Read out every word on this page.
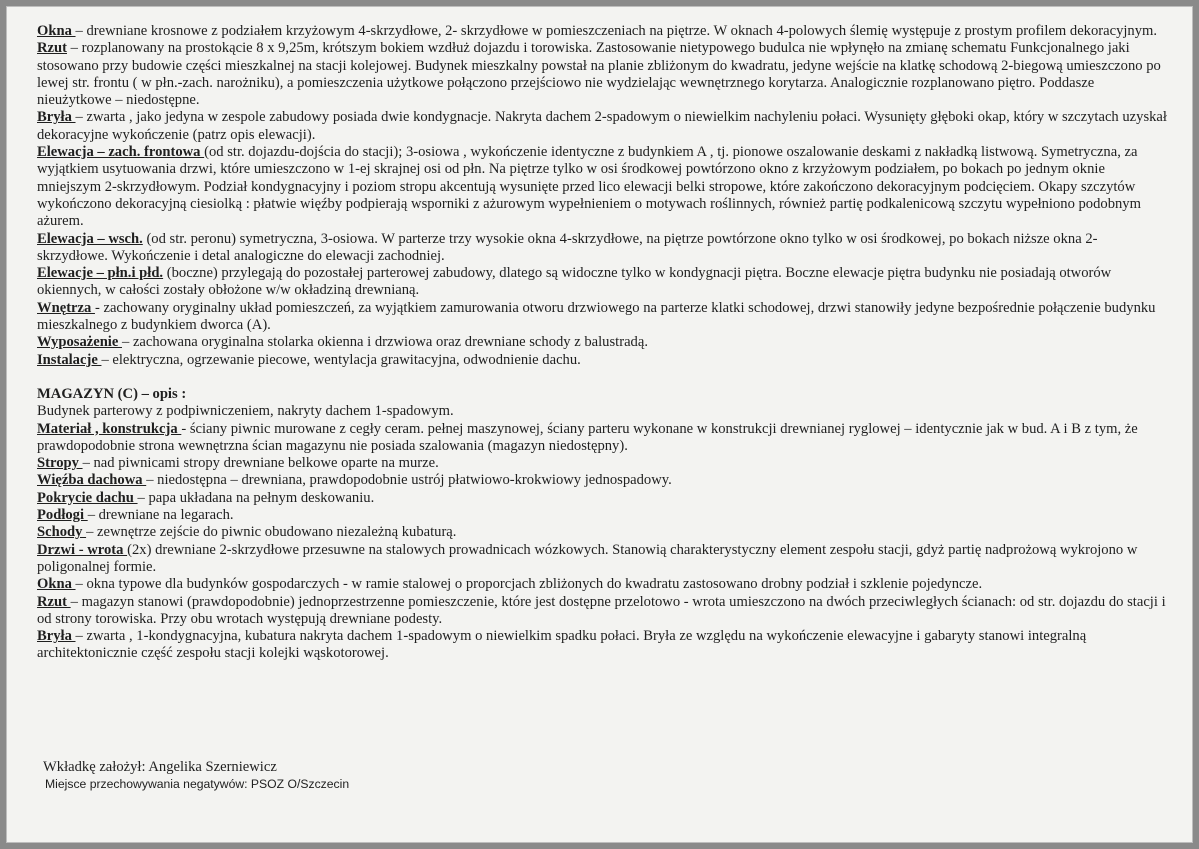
Okna – drewniane krosnowe z podziałem krzyżowym 4-skrzydłowe, 2- skrzydłowe w pomieszczeniach na piętrze. W oknach 4-polowych ślemię występuje z prostym profilem dekoracyjnym.

Rzut – rozplanowany na prostokącie 8 x 9,25m, krótszym bokiem wzdłuż dojazdu i torowiska. Zastosowanie nietypowego budulca nie wpłynęło na zmianę schematu Funkcjonalnego jaki stosowano przy budowie części mieszkalnej na stacji kolejowej. Budynek mieszkalny powstał na planie zbliżonym do kwadratu, jedyne wejście na klatkę schodową 2-biegową umieszczono po lewej str. frontu ( w płn.-zach. narożniku), a pomieszczenia użytkowe połączono przejściowo nie wydzielając wewnętrznego korytarza. Analogicznie rozplanowano piętro. Poddasze nieużytkowe – niedostępne.

Bryła – zwarta , jako jedyna w zespole zabudowy posiada dwie kondygnacje. Nakryta dachem 2-spadowym o niewielkim nachyleniu połaci. Wysunięty głęboki okap, który w szczytach uzyskał dekoracyjne wykończenie (patrz opis elewacji).

Elewacja – zach. frontowa (od str. dojazdu-dojścia do stacji); 3-osiowa , wykończenie identyczne z budynkiem A , tj. pionowe oszalowanie deskami z nakładką listwową. Symetryczna, za wyjątkiem usytuowania drzwi, które umieszczono w 1-ej skrajnej osi od płn. Na piętrze tylko w osi środkowej powtórzono okno z krzyżowym podziałem, po bokach po jednym oknie mniejszym 2-skrzydłowym. Podział kondygnacyjny i poziom stropu akcentują wysunięte przed lico elewacji belki stropowe, które zakończono dekoracyjnym podcięciem. Okapy szczytów wykończono dekoracyjną ciesiolką : płatwie więźby podpierają wsporniki z ażurowym wypełnieniem o motywach roślinnych, również partię podkalenicową szczytu wypełniono podobnym ażurem.

Elewacja – wsch. (od str. peronu) symetryczna, 3-osiowa. W parterze trzy wysokie okna 4-skrzydłowe, na piętrze powtórzone okno tylko w osi środkowej, po bokach niższe okna 2-skrzydłowe. Wykończenie i detal analogiczne do elewacji zachodniej.

Elewacje – płn.i płd. (boczne) przylegają do pozostałej parterowej zabudowy, dlatego są widoczne tylko w kondygnacji piętra. Boczne elewacje piętra budynku nie posiadają otworów okiennych, w całości zostały obłożone w/w okładziną drewnianą.

Wnętrza - zachowany oryginalny układ pomieszczeń, za wyjątkiem zamurowania otworu drzwiowego na parterze klatki schodowej, drzwi stanowiły jedyne bezpośrednie połączenie budynku mieszkalnego z budynkiem dworca (A).

Wyposażenie – zachowana oryginalna stolarka okienna i drzwiowa oraz drewniane schody z balustradą.

Instalacje – elektryczna, ogrzewanie piecowe, wentylacja grawitacyjna, odwodnienie dachu.

MAGAZYN (C) – opis :

Budynek parterowy z podpiwniczeniem, nakryty dachem 1-spadowym.

Materiał , konstrukcja - ściany piwnic murowane z cegły ceram. pełnej maszynowej, ściany parteru wykonane w konstrukcji drewnianej ryglowej – identycznie jak w bud. A i B z tym, że prawdopodobnie strona wewnętrzna ścian magazynu nie posiada szalowania (magazyn niedostępny).

Stropy – nad piwnicami stropy drewniane belkowe oparte na murze.

Więźba dachowa – niedostępna – drewniana, prawdopodobnie ustrój płatwiowo-krokwiowy jednospadowy.

Pokrycie dachu – papa układana na pełnym deskowaniu.

Podłogi – drewniane na legarach.

Schody – zewnętrze zejście do piwnic obudowano niezależną kubaturą.

Drzwi - wrota (2x) drewniane 2-skrzydłowe przesuwne na stalowych prowadnicach wózkowych. Stanowią charakterystyczny element zespołu stacji, gdyż partię nadprożową wykrojono w poligonalnej formie.

Okna – okna typowe dla budynków gospodarczych - w ramie stalowej o proporcjach zbliżonych do kwadratu zastosowano drobny podział i szklenie pojedyncze.

Rzut – magazyn stanowi (prawdopodobnie) jednoprzestrzenne pomieszczenie, które jest dostępne przelotowo - wrota umieszczono na dwóch przeciwległych ścianach: od str. dojazdu do stacji i od strony torowiska. Przy obu wrotach występują drewniane podesty.

Bryła – zwarta , 1-kondygnacyjna, kubatura nakryta dachem 1-spadowym o niewielkim spadku połaci. Bryła ze względu na wykończenie elewacyjne i gabaryty stanowi integralną architektonicznie część zespołu stacji kolejki wąskotorowej.

Wkładkę założył: Angelika Szerniewicz
Miejsce przechowywania negatywów: PSOZ O/Szczecin
